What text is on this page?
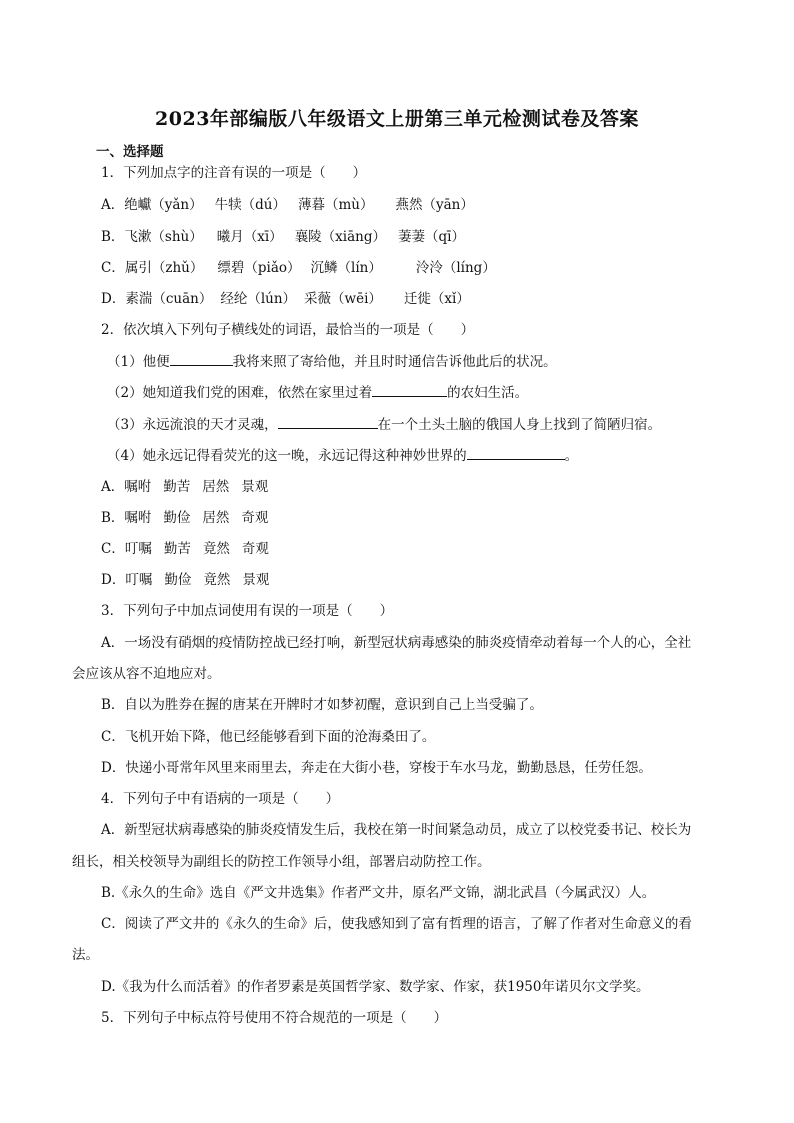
2023年部编版八年级语文上册第三单元检测试卷及答案
一、选择题
1．下列加点字的注音有误的一项是（　　）
A．绝巘（yǎn） 牛犊（dú） 薄暮（mù） 燕然（yān）
B．飞漱（shù） 曦月（xī） 襄陵（xiāng） 萋萋（qī）
C．属引（zhǔ） 缥碧（piǎo） 沉鳞（lín）	泠泠（líng）
D．素湍（cuān） 经纶（lún） 采薇（wēi） 迁徙（xǐ）
2．依次填入下列句子横线处的词语，最恰当的一项是（　　）
（1）他便	我将来照了寄给他，并且时时通信告诉他此后的状况。
（2）她知道我们党的困难，依然在家里过着	的农妇生活。
（3）永远流浪的天才灵魂，	在一个土头土脑的俄国人身上找到了简陋归宿。
（4）她永远记得看荧光的这一晚，永远记得这种神妙世界的	。
A．嘱咐 勤苦 居然 景观
B．嘱咐 勤俭 居然 奇观
C．叮嘱 勤苦 竟然 奇观
D．叮嘱 勤俭 竟然 景观
3．下列句子中加点词使用有误的一项是（　　）
A．一场没有硝烟的疫情防控战已经打响，新型冠状病毒感染的肺炎疫情牵动着每一个人的心，全社
会应该从容不迫地应对。
B．自以为胜券在握的唐某在开牌时才如梦初醒，意识到自己上当受骗了。
C．飞机开始下降，他已经能够看到下面的沧海桑田了。
D．快递小哥常年风里来雨里去，奔走在大街小巷，穿梭于车水马龙，勤勤恳恳，任劳任怨。
4．下列句子中有语病的一项是（　　）
A．新型冠状病毒感染的肺炎疫情发生后，我校在第一时间紧急动员，成立了以校党委书记、校长为
组长，相关校领导为副组长的防控工作领导小组，部署启动防控工作。
B.《永久的生命》选自《严文井选集》作者严文井，原名严文锦，湖北武昌（今属武汉）人。
C．阅读了严文井的《永久的生命》后，使我感知到了富有哲理的语言，了解了作者对生命意义的看
法。
D.《我为什么而活着》的作者罗素是英国哲学家、数学家、作家，获1950年诺贝尔文学奖。
5．下列句子中标点符号使用不符合规范的一项是（　　）
